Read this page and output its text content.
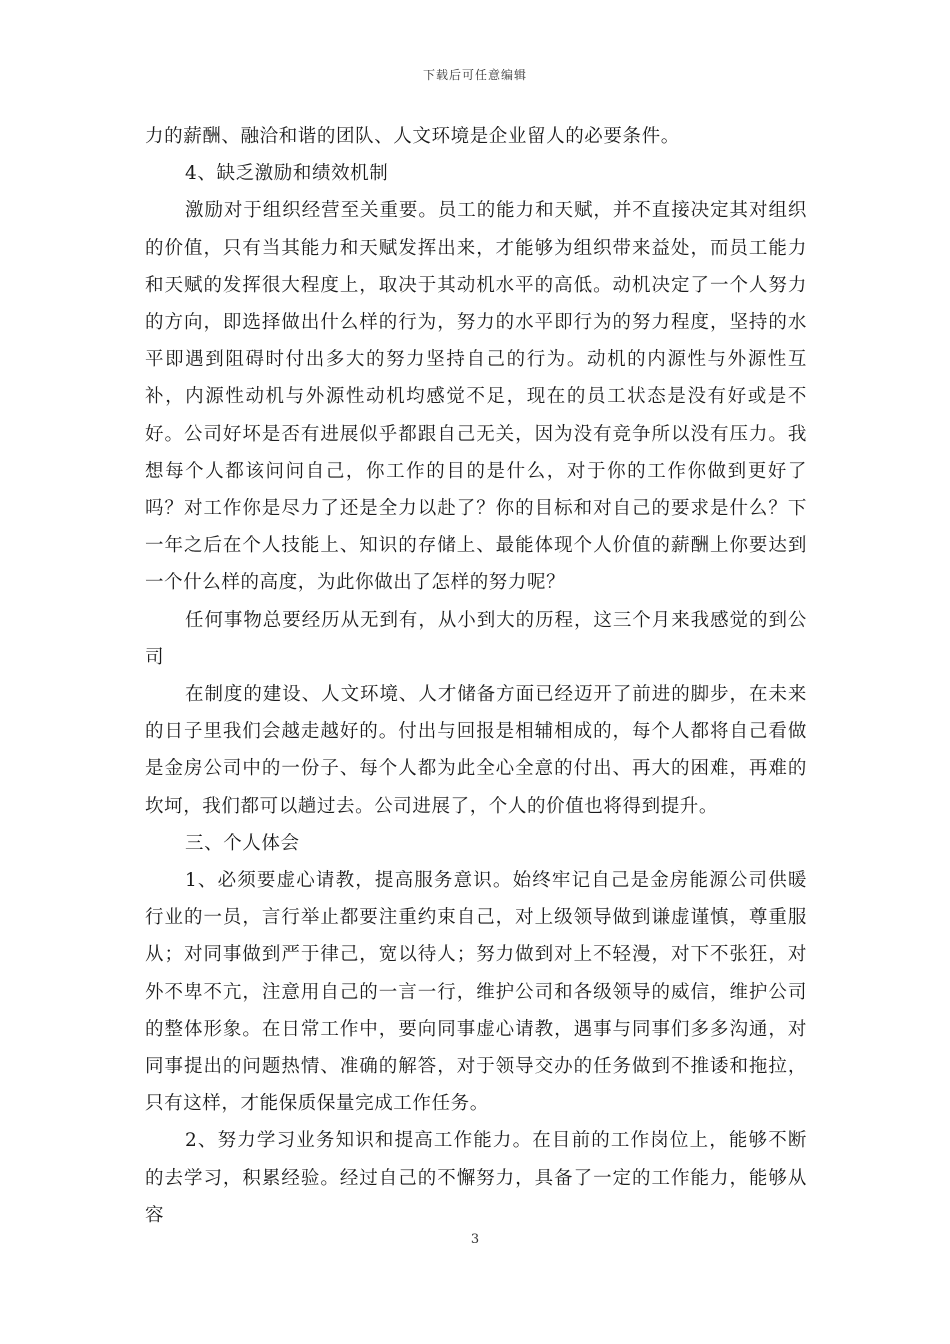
下载后可任意编辑

力的薪酬、融洽和谐的团队、人文环境是企业留人的必要条件。

4、缺乏激励和绩效机制

激励对于组织经营至关重要。员工的能力和天赋，并不直接决定其对组织的价值，只有当其能力和天赋发挥出来，才能够为组织带来益处，而员工能力和天赋的发挥很大程度上，取决于其动机水平的高低。动机决定了一个人努力的方向，即选择做出什么样的行为，努力的水平即行为的努力程度，坚持的水平即遇到阻碍时付出多大的努力坚持自己的行为。动机的内源性与外源性互补，内源性动机与外源性动机均感觉不足，现在的员工状态是没有好或是不好。公司好坏是否有进展似乎都跟自己无关，因为没有竞争所以没有压力。我想每个人都该问问自己，你工作的目的是什么，对于你的工作你做到更好了吗？对工作你是尽力了还是全力以赴了？你的目标和对自己的要求是什么？下一年之后在个人技能上、知识的存储上、最能体现个人价值的薪酬上你要达到一个什么样的高度，为此你做出了怎样的努力呢？

任何事物总要经历从无到有，从小到大的历程，这三个月来我感觉的到公司

在制度的建设、人文环境、人才储备方面已经迈开了前进的脚步，在未来的日子里我们会越走越好的。付出与回报是相辅相成的，每个人都将自己看做是金房公司中的一份子、每个人都为此全心全意的付出、再大的困难，再难的坎坷，我们都可以趟过去。公司进展了，个人的价值也将得到提升。

三、个人体会

1、必须要虚心请教，提高服务意识。始终牢记自己是金房能源公司供暖行业的一员，言行举止都要注重约束自己，对上级领导做到谦虚谨慎，尊重服从；对同事做到严于律己，宽以待人；努力做到对上不轻漫，对下不张狂，对外不卑不亢，注意用自己的一言一行，维护公司和各级领导的威信，维护公司的整体形象。在日常工作中，要向同事虚心请教，遇事与同事们多多沟通，对同事提出的问题热情、准确的解答，对于领导交办的任务做到不推诿和拖拉，只有这样，才能保质保量完成工作任务。

2、努力学习业务知识和提高工作能力。在目前的工作岗位上，能够不断的去学习，积累经验。经过自己的不懈努力，具备了一定的工作能力，能够从容

3
